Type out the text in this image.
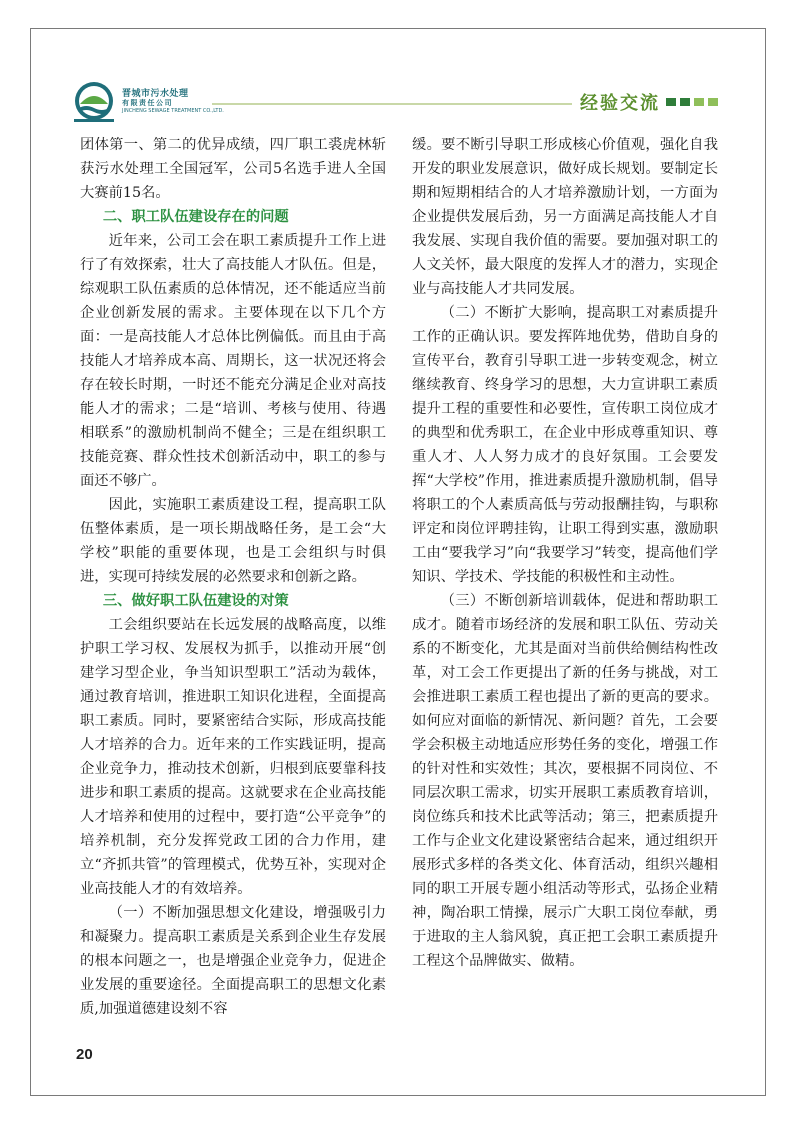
晋城市污水处理
有限责任公司
JINCHENG SEWAGE TREATMENT CO.,LTD.	经验交流

团体第一、第二的优异成绩，四厂职工裘虎林斩获污水处理工全国冠军，公司5名选手进人全国大赛前15名。

二、职工队伍建设存在的问题

近年来，公司工会在职工素质提升工作上进行了有效探索，壮大了高技能人才队伍。但是，综观职工队伍素质的总体情况，还不能适应当前企业创新发展的需求。主要体现在以下几个方面：一是高技能人才总体比例偏低。而且由于高技能人才培养成本高、周期长，这一状况还将会存在较长时期，一时还不能充分满足企业对高技能人才的需求；二是“培训、考核与使用、待遇相联系”的激励机制尚不健全；三是在组织职工技能竞赛、群众性技术创新活动中，职工的参与面还不够广。

因此，实施职工素质建设工程，提高职工队伍整体素质，是一项长期战略任务，是工会“大学校”职能的重要体现，也是工会组织与时俱进，实现可持续发展的必然要求和创新之路。

三、做好职工队伍建设的对策

工会组织要站在长远发展的战略高度，以维护职工学习权、发展权为抓手，以推动开展“创建学习型企业，争当知识型职工”活动为载体，通过教育培训，推进职工知识化进程，全面提高职工素质。同时，要紧密结合实际，形成高技能人才培养的合力。近年来的工作实践证明，提高企业竞争力，推动技术创新，归根到底要靠科技进步和职工素质的提高。这就要求在企业高技能人才培养和使用的过程中，要打造“公平竞争”的培养机制，充分发挥党政工团的合力作用，建立“齐抓共管”的管理模式，优势互补，实现对企业高技能人才的有效培养。

（一）不断加强思想文化建设，增强吸引力和凝聚力。提高职工素质是关系到企业生存发展的根本问题之一，也是增强企业竞争力，促进企业发展的重要途径。全面提高职工的思想文化素质,加强道德建设刻不容

缓。要不断引导职工形成核心价值观，强化自我开发的职业发展意识，做好成长规划。要制定长期和短期相结合的人才培养激励计划，一方面为企业提供发展后劲，另一方面满足高技能人才自我发展、实现自我价值的需要。要加强对职工的人文关怀，最大限度的发挥人才的潜力，实现企业与高技能人才共同发展。

（二）不断扩大影响，提高职工对素质提升工作的正确认识。要发挥阵地优势，借助自身的宣传平台，教育引导职工进一步转变观念，树立继续教育、终身学习的思想，大力宣讲职工素质提升工程的重要性和必要性，宣传职工岗位成才的典型和优秀职工，在企业中形成尊重知识、尊重人才、人人努力成才的良好氛围。工会要发挥“大学校”作用，推进素质提升激励机制，倡导将职工的个人素质高低与劳动报酬挂钩，与职称评定和岗位评聘挂钩，让职工得到实惠，激励职工由“要我学习”向“我要学习”转变，提高他们学知识、学技术、学技能的积极性和主动性。

（三）不断创新培训载体，促进和帮助职工成才。随着市场经济的发展和职工队伍、劳动关系的不断变化，尤其是面对当前供给侧结构性改革，对工会工作更提出了新的任务与挑战，对工会推进职工素质工程也提出了新的更高的要求。如何应对面临的新情况、新问题？首先，工会要学会积极主动地适应形势任务的变化，增强工作的针对性和实效性；其次，要根据不同岗位、不同层次职工需求，切实开展职工素质教育培训，岗位练兵和技术比武等活动；第三，把素质提升工作与企业文化建设紧密结合起来，通过组织开展形式多样的各类文化、体育活动，组织兴趣相同的职工开展专题小组活动等形式，弘扬企业精神，陶冶职工情操，展示广大职工岗位奉献，勇于进取的主人翁风貌，真正把工会职工素质提升工程这个品牌做实、做精。

20
